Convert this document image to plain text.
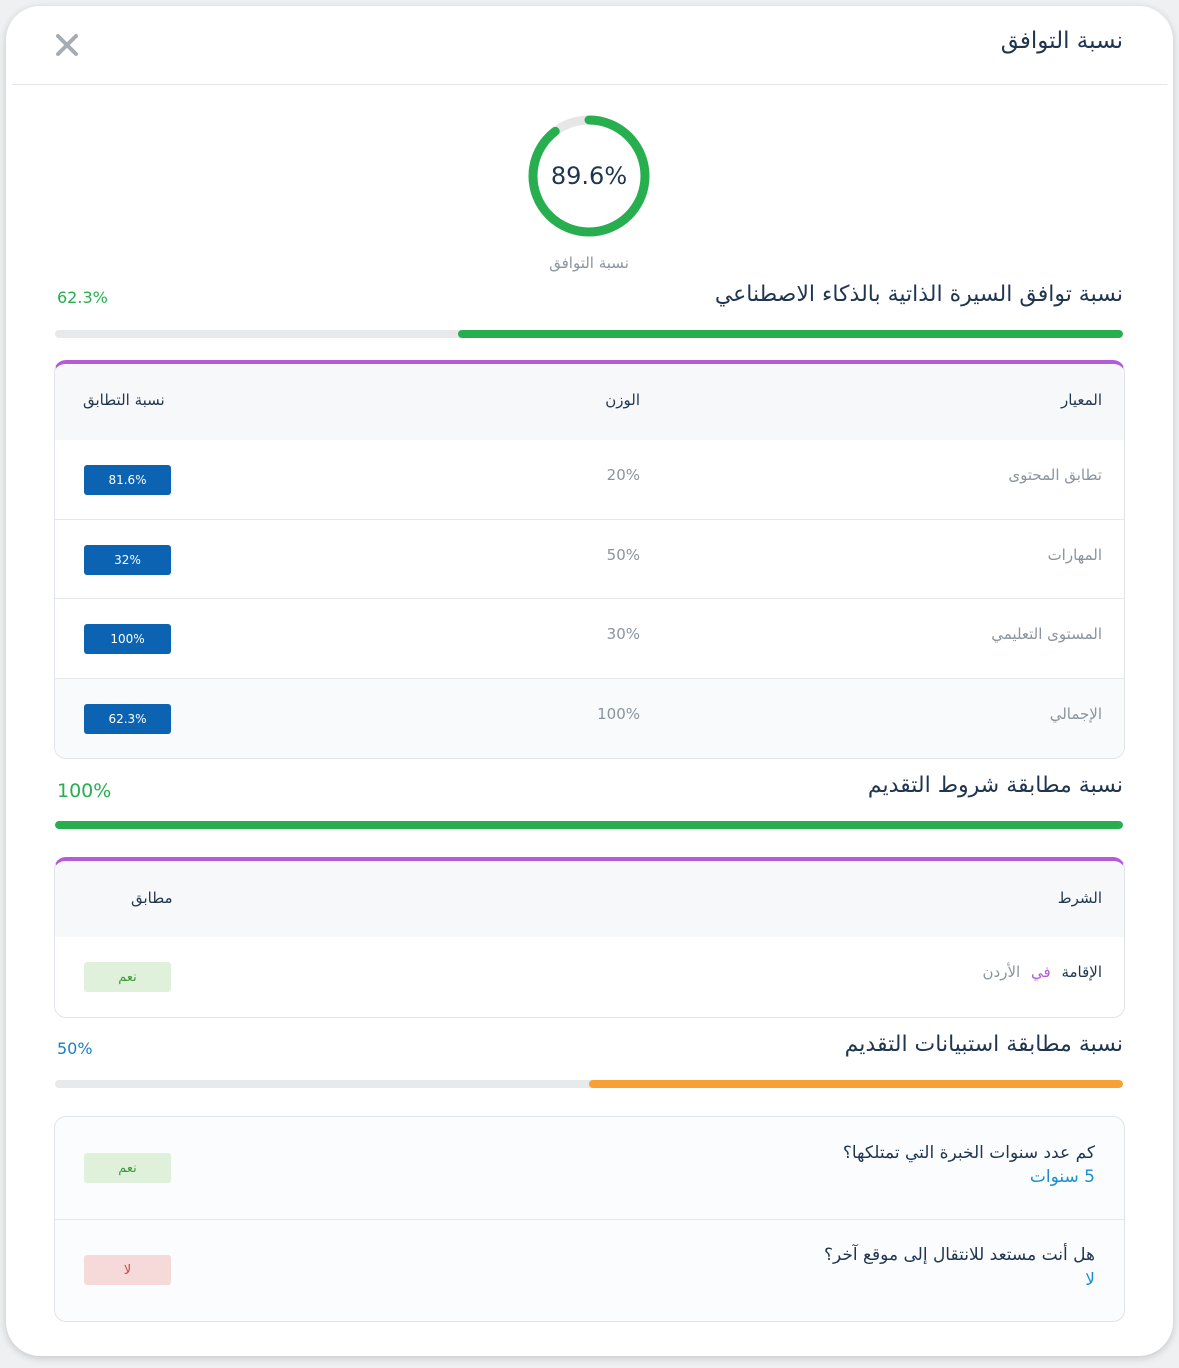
نسبة التوافق
89.6%
نسبة التوافق
نسبة توافق السيرة الذاتية بالذكاء الاصطناعي
62.3%
المعيار
الوزن
نسبة التطابق
تطابق المحتوى
20%
81.6%
المهارات
50%
32%
المستوى التعليمي
30%
100%
الإجمالي
100%
62.3%
نسبة مطابقة شروط التقديم
100%
الشرط
مطابق
الإقامة في الأردن
نعم
نسبة مطابقة استبيانات التقديم
50%
كم عدد سنوات الخبرة التي تمتلكها؟
5 سنوات
نعم
هل أنت مستعد للانتقال إلى موقع آخر؟
لا
لا
